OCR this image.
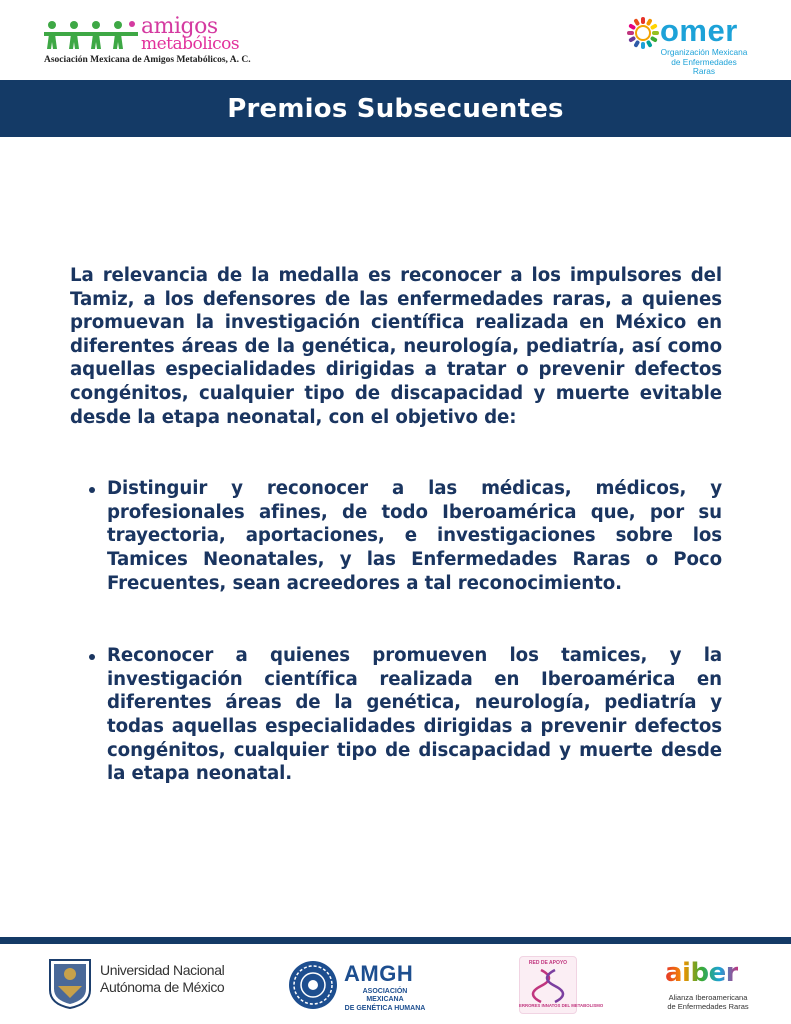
amigos
metabólicos
Asociación Mexicana de Amigos Metabólicos, A. C.
omer
Organización Mexicana
de Enfermedades Raras
Premios Subsecuentes

La relevancia de la medalla es reconocer a los impulsores del Tamiz, a los defensores de las enfermedades raras, a quienes promuevan la investigación científica realizada en México en diferentes áreas de la genética, neurología, pediatría, así como aquellas especialidades dirigidas a tratar o prevenir defectos congénitos, cualquier tipo de discapacidad y muerte evitable desde la etapa neonatal, con el objetivo de:

Distinguir y reconocer a las médicas, médicos, y profesionales afines, de todo Iberoamérica que, por su trayectoria, aportaciones, e investigaciones sobre los Tamices Neonatales, y las Enfermedades Raras o Poco Frecuentes, sean acreedores a tal reconocimiento.

Reconocer a quienes promueven los tamices, y la investigación científica realizada en Iberoamérica en diferentes áreas de la genética, neurología, pediatría y todas aquellas especialidades dirigidas a prevenir defectos congénitos, cualquier tipo de discapacidad y muerte desde la etapa neonatal.

Universidad Nacional
Autónoma de México
AMGH
ASOCIACIÓN MEXICANA
DE GENÉTICA HUMANA
RED DE APOYO
ERRORES INNATOS DEL METABOLISMO
aiber
Alianza Iberoamericana
de Enfermedades Raras
